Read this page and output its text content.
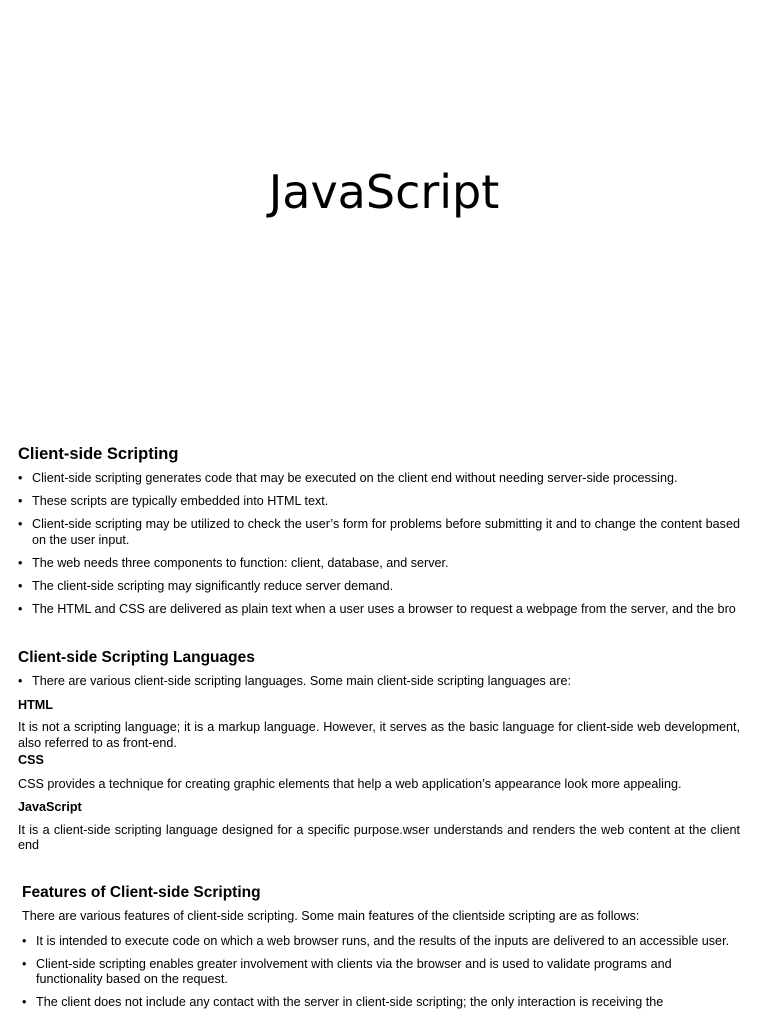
JavaScript
Client-side Scripting
• Client-side scripting generates code that may be executed on the client end without needing server-side processing.
• These scripts are typically embedded into HTML text.
• Client-side scripting may be utilized to check the user’s form for problems before submitting it and to change the content based on the user input.
• The web needs three components to function: client, database, and server.
• The client-side scripting may significantly reduce server demand.
• The HTML and CSS are delivered as plain text when a user uses a browser to request a webpage from the server, and the bro
Client-side Scripting Languages
• There are various client-side scripting languages. Some main client-side scripting languages are:
HTML

It is not a scripting language; it is a markup language. However, it serves as the basic language for client-side web development, also referred to as front-end.

CSS

CSS provides a technique for creating graphic elements that help a web application’s appearance look more appealing.

JavaScript

It is a client-side scripting language designed for a specific purpose.wser understands and renders the web content at the client end

Features of Client-side Scripting

There are various features of client-side scripting. Some main features of the clientside scripting are as follows:

• It is intended to execute code on which a web browser runs, and the results of the inputs are delivered to an accessible user.
• Client-side scripting enables greater involvement with clients via the browser and is used to validate programs and functionality based on the request.
• The client does not include any contact with the server in client-side scripting; the only interaction is receiving the
